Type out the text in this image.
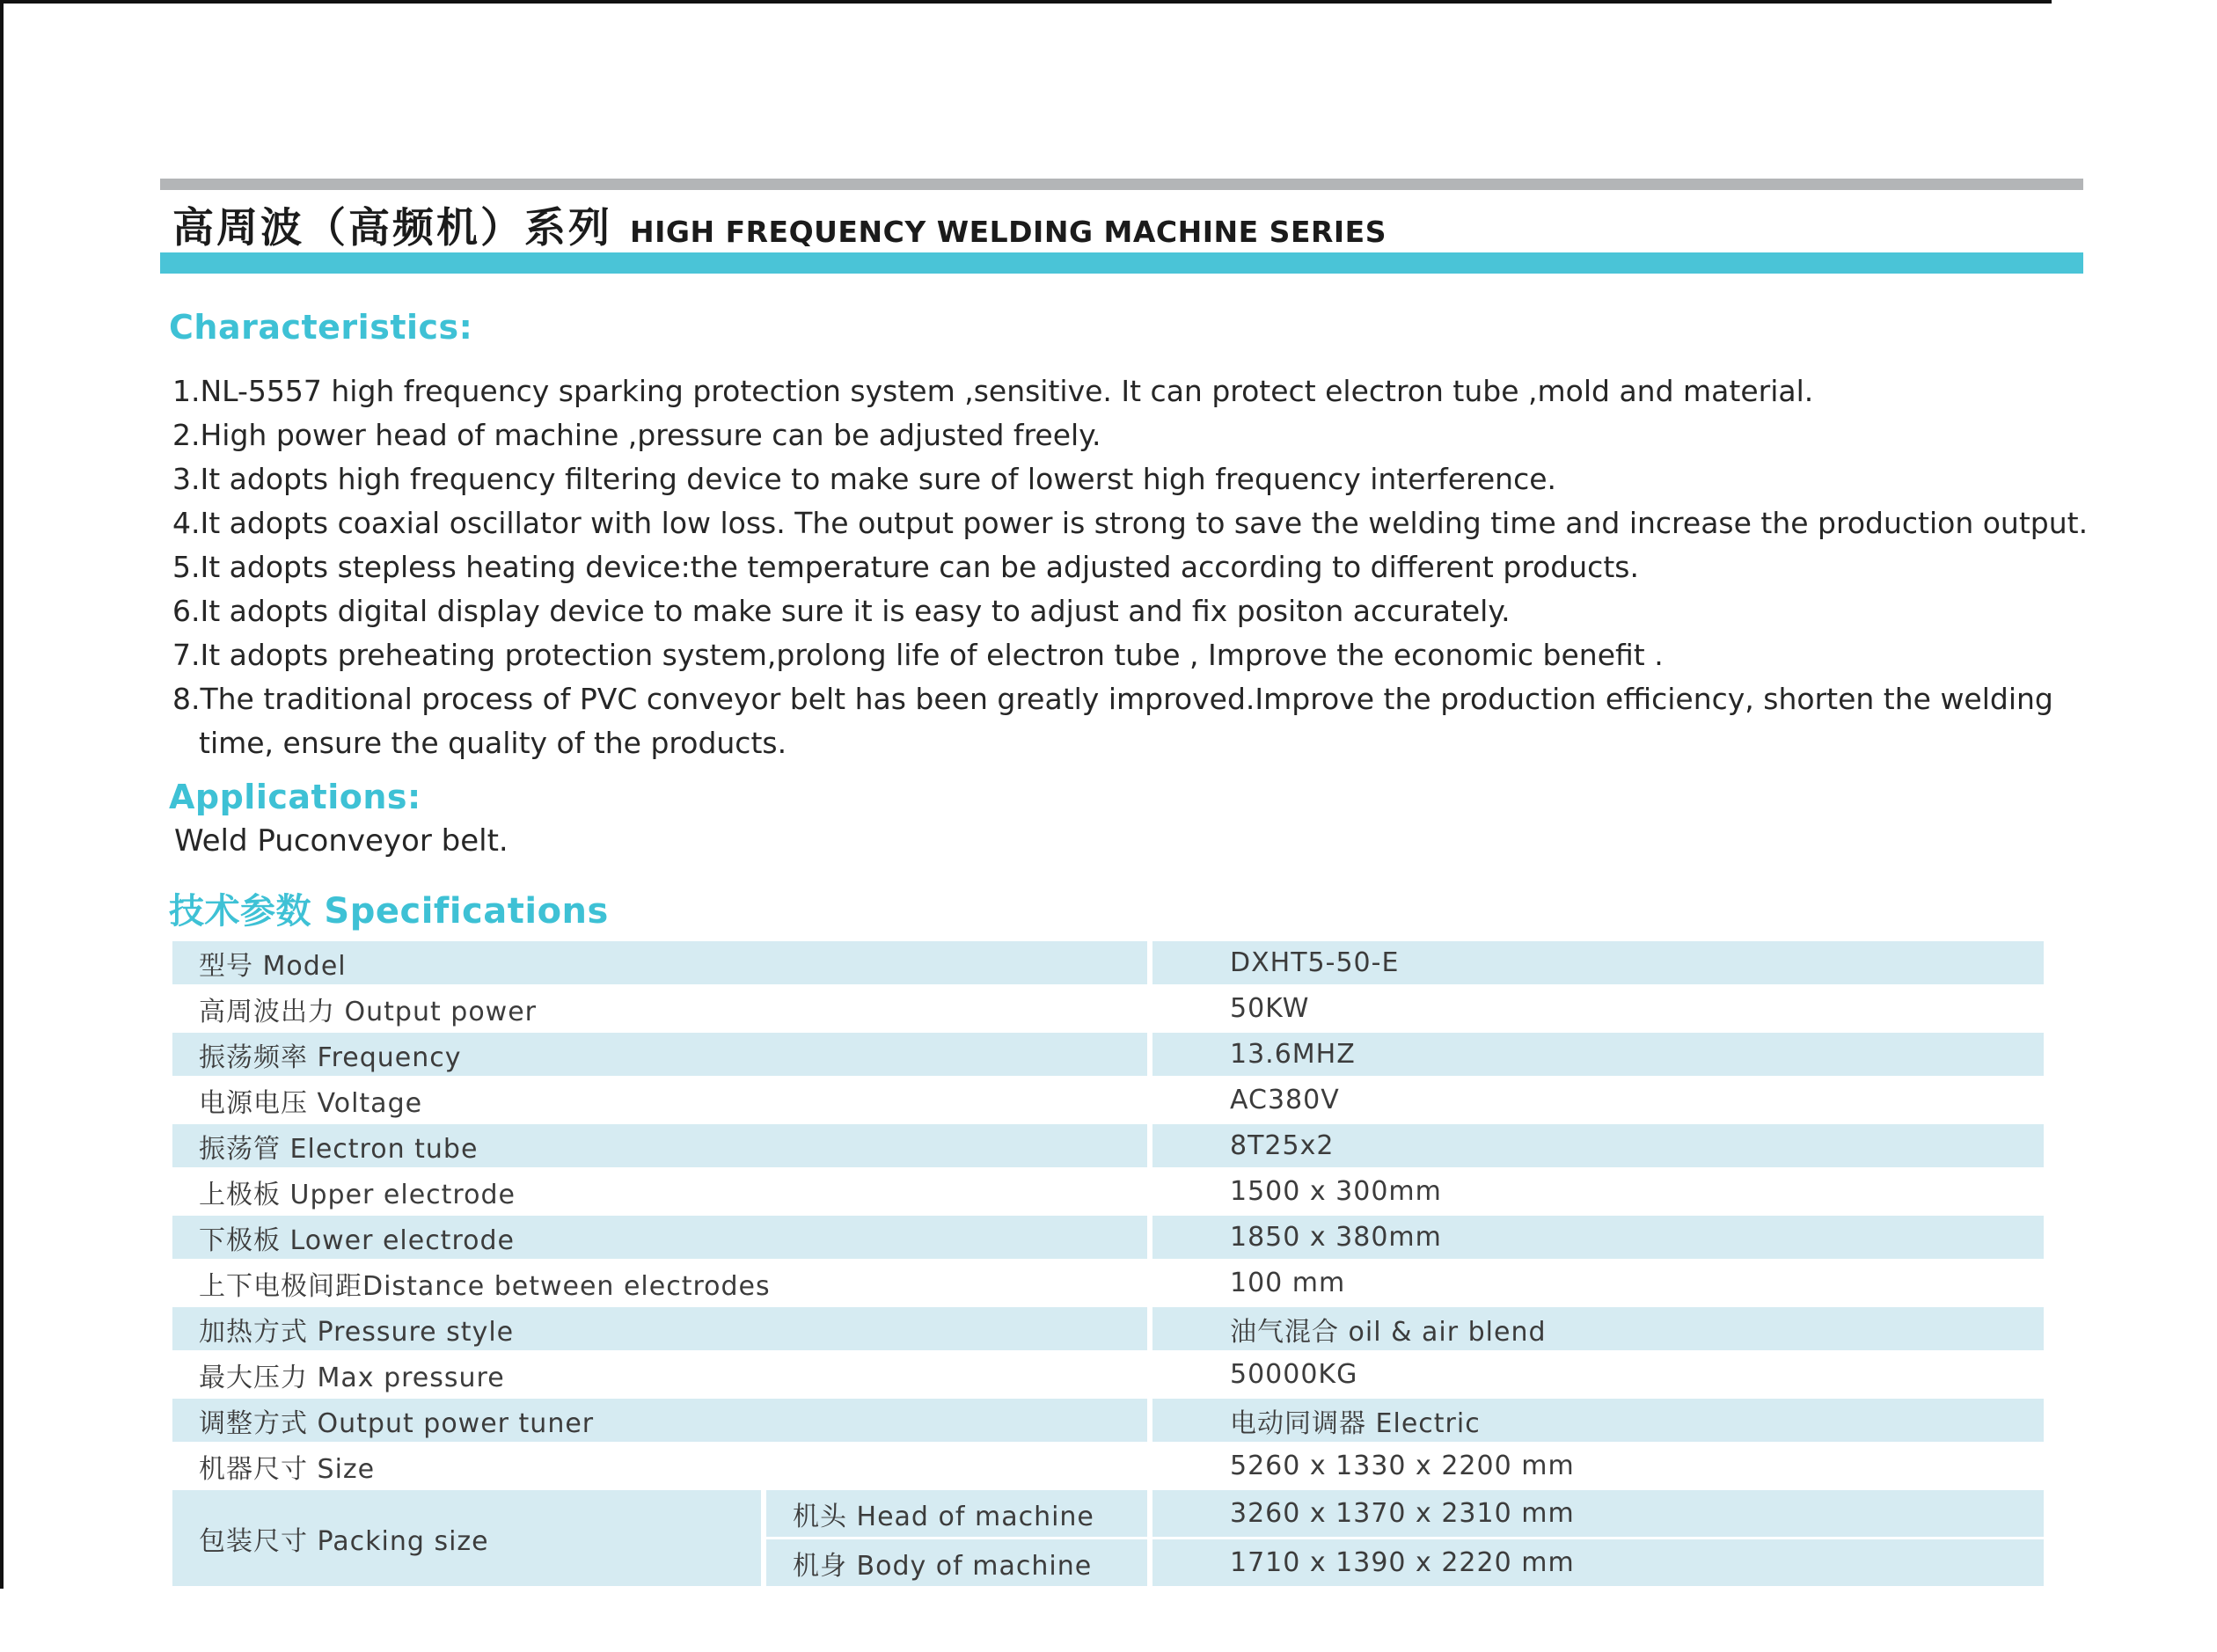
高周波（高频机）系列 HIGH FREQUENCY WELDING MACHINE SERIES
Characteristics:
1.NL-5557 high frequency sparking protection system ,sensitive. It can protect electron tube ,mold and material.
2.High power head of machine ,pressure can be adjusted freely.
3.It adopts high frequency filtering device to make sure of lowerst high frequency interference.
4.It adopts coaxial oscillator with low loss. The output power is strong to save the welding time and increase the production output.
5.It adopts stepless heating device:the temperature can be adjusted according to different products.
6.It adopts digital display device to make sure it is easy to adjust and fix positon accurately.
7.It adopts preheating protection system,prolong life of electron tube , Improve the economic benefit .
8.The traditional process of PVC conveyor belt has been greatly improved.Improve the production efficiency, shorten the welding
time, ensure the quality of the products.
Applications:
Weld Puconveyor belt.
技术参数 Specifications
型号 Model	DXHT5-50-E
高周波出力 Output power	50KW
振荡频率 Frequency	13.6MHZ
电源电压 Voltage	AC380V
振荡管 Electron tube	8T25x2
上极板 Upper electrode	1500 x 300mm
下极板 Lower electrode	1850 x 380mm
上下电极间距Distance between electrodes	100 mm
加热方式 Pressure style	油气混合 oil & air blend
最大压力 Max pressure	50000KG
调整方式 Output power tuner	电动同调器 Electric
机器尺寸 Size	5260 x 1330 x 2200 mm
包装尺寸 Packing size
机头 Head of machine	3260 x 1370 x 2310 mm
机身 Body of machine	1710 x 1390 x 2220 mm
